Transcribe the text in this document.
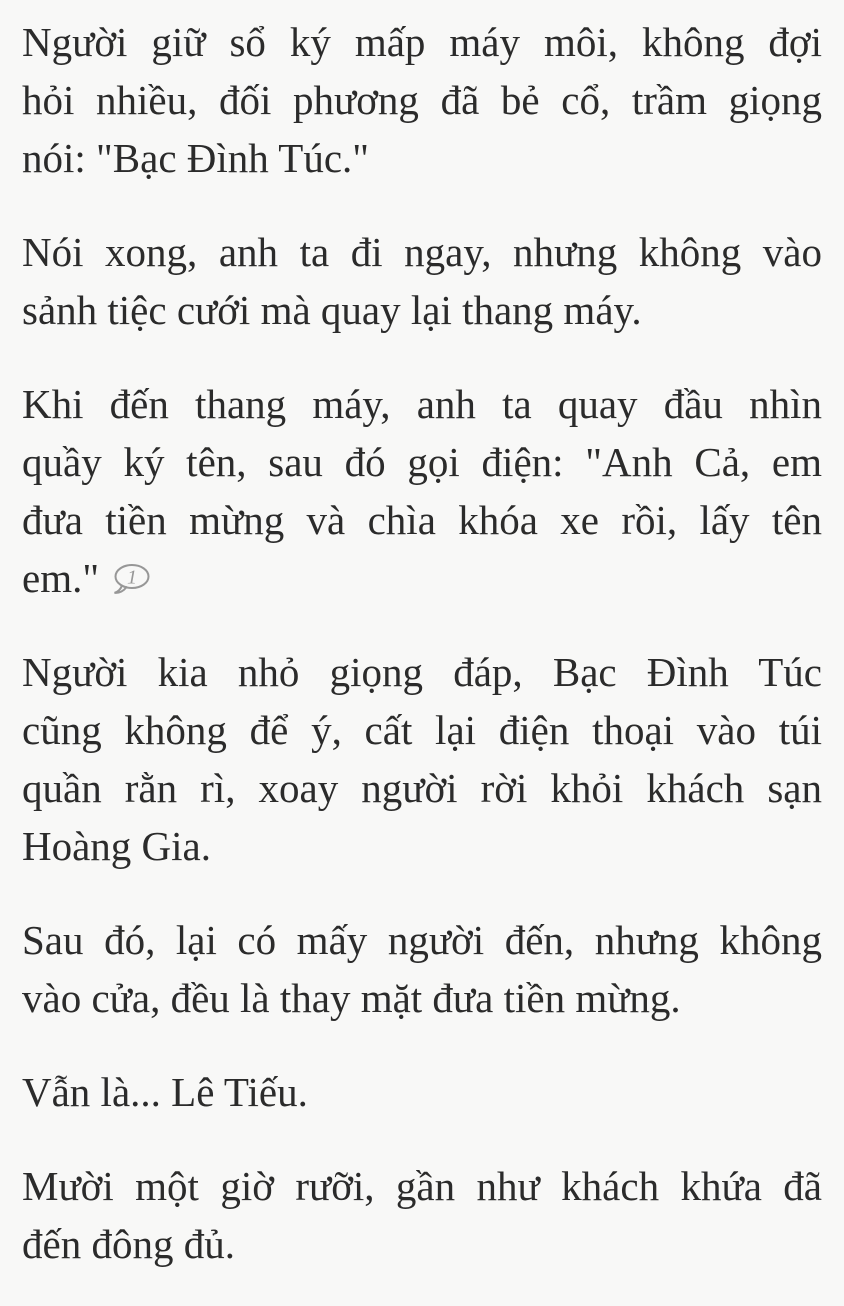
Người giữ sổ ký mấp máy môi, không đợi
hỏi nhiều, đối phương đã bẻ cổ, trầm giọng
nói: "Bạc Đình Túc."

Nói xong, anh ta đi ngay, nhưng không vào
sảnh tiệc cưới mà quay lại thang máy.

Khi đến thang máy, anh ta quay đầu nhìn
quầy ký tên, sau đó gọi điện: "Anh Cả, em
đưa tiền mừng và chìa khóa xe rồi, lấy tên
em." 1

Người kia nhỏ giọng đáp, Bạc Đình Túc
cũng không để ý, cất lại điện thoại vào túi
quần rằn rì, xoay người rời khỏi khách sạn
Hoàng Gia.

Sau đó, lại có mấy người đến, nhưng không
vào cửa, đều là thay mặt đưa tiền mừng.

Vẫn là... Lê Tiếu.

Mười một giờ rưỡi, gần như khách khứa đã
đến đông đủ.
